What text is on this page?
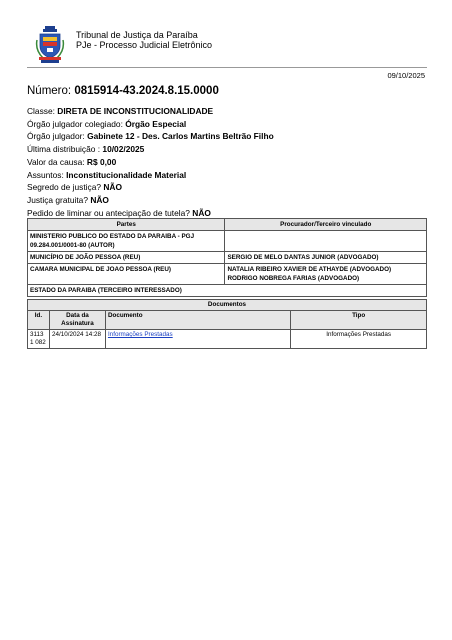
Tribunal de Justiça da Paraíba
PJe - Processo Judicial Eletrônico
09/10/2025
Número: 0815914-43.2024.8.15.0000
Classe: DIRETA DE INCONSTITUCIONALIDADE
Órgão julgador colegiado: Órgão Especial
Órgão julgador: Gabinete 12 - Des. Carlos Martins Beltrão Filho
Última distribuição : 10/02/2025
Valor da causa: R$ 0,00
Assuntos: Inconstitucionalidade Material
Segredo de justiça? NÃO
Justiça gratuita? NÃO
Pedido de liminar ou antecipação de tutela? NÃO
Partes	Procurador/Terceiro vinculado
MINISTERIO PUBLICO DO ESTADO DA PARAIBA - PGJ 09.284.001/0001-80 (AUTOR)	
MUNICÍPIO DE JOÃO PESSOA (REU)	SERGIO DE MELO DANTAS JUNIOR (ADVOGADO)
CAMARA MUNICIPAL DE JOAO PESSOA (REU)	NATALIA RIBEIRO XAVIER DE ATHAYDE (ADVOGADO)
RODRIGO NOBREGA FARIAS (ADVOGADO)

ESTADO DA PARAIBA (TERCEIRO INTERESSADO)	
Documentos			
Id.	Data da Assinatura	Documento	Tipo
31131 082	24/10/2024 14:28	Informações Prestadas	Informações Prestadas
